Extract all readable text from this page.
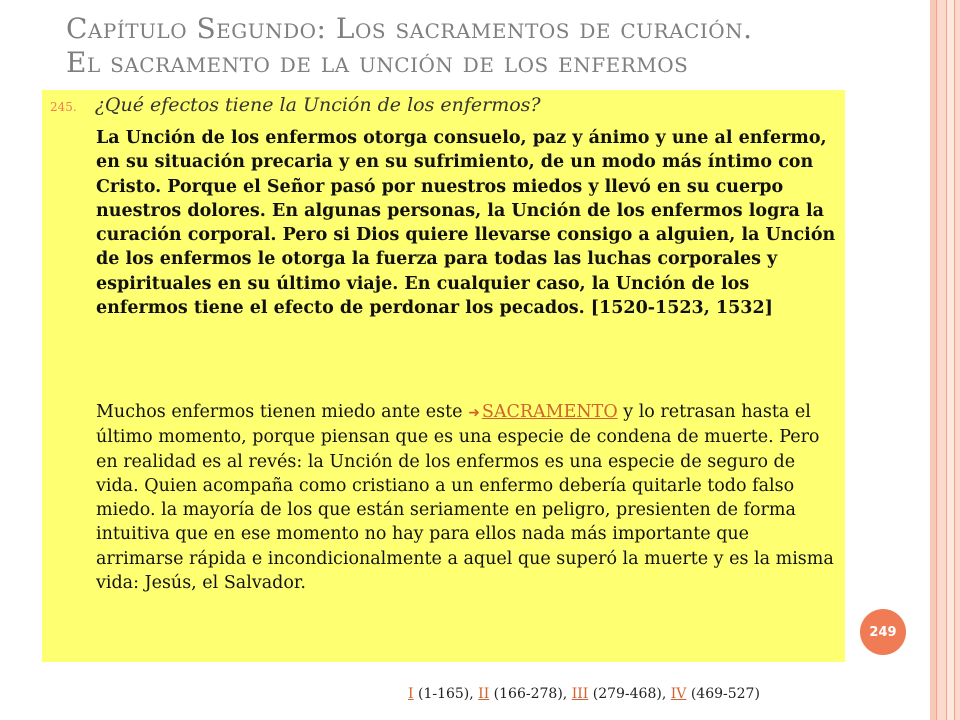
Capítulo Segundo: Los sacramentos de curación.
El sacramento de la unción de los enfermos
245. ¿Qué efectos tiene la Unción de los enfermos?

La Unción de los enfermos otorga consuelo, paz y ánimo y une al enfermo, en su situación precaria y en su sufrimiento, de un modo más íntimo con Cristo. Porque el Señor pasó por nuestros miedos y llevó en su cuerpo nuestros dolores. En algunas personas, la Unción de los enfermos logra la curación corporal. Pero si Dios quiere llevarse consigo a alguien, la Unción de los enfermos le otorga la fuerza para todas las luchas corporales y espirituales en su último viaje. En cualquier caso, la Unción de los enfermos tiene el efecto de perdonar los pecados. [1520-1523, 1532]

Muchos enfermos tienen miedo ante este ➜ SACRAMENTO y lo retrasan hasta el último momento, porque piensan que es una especie de condena de muerte. Pero en realidad es al revés: la Unción de los enfermos es una especie de seguro de vida. Quien acompaña como cristiano a un enfermo debería quitarle todo falso miedo. la mayoría de los que están seriamente en peligro, presienten de forma intuitiva que en ese momento no hay para ellos nada más importante que arrimarse rápida e incondicionalmente a aquel que superó la muerte y es la misma vida: Jesús, el Salvador.

249
I (1-165), II (166-278), III (279-468), IV (469-527)
